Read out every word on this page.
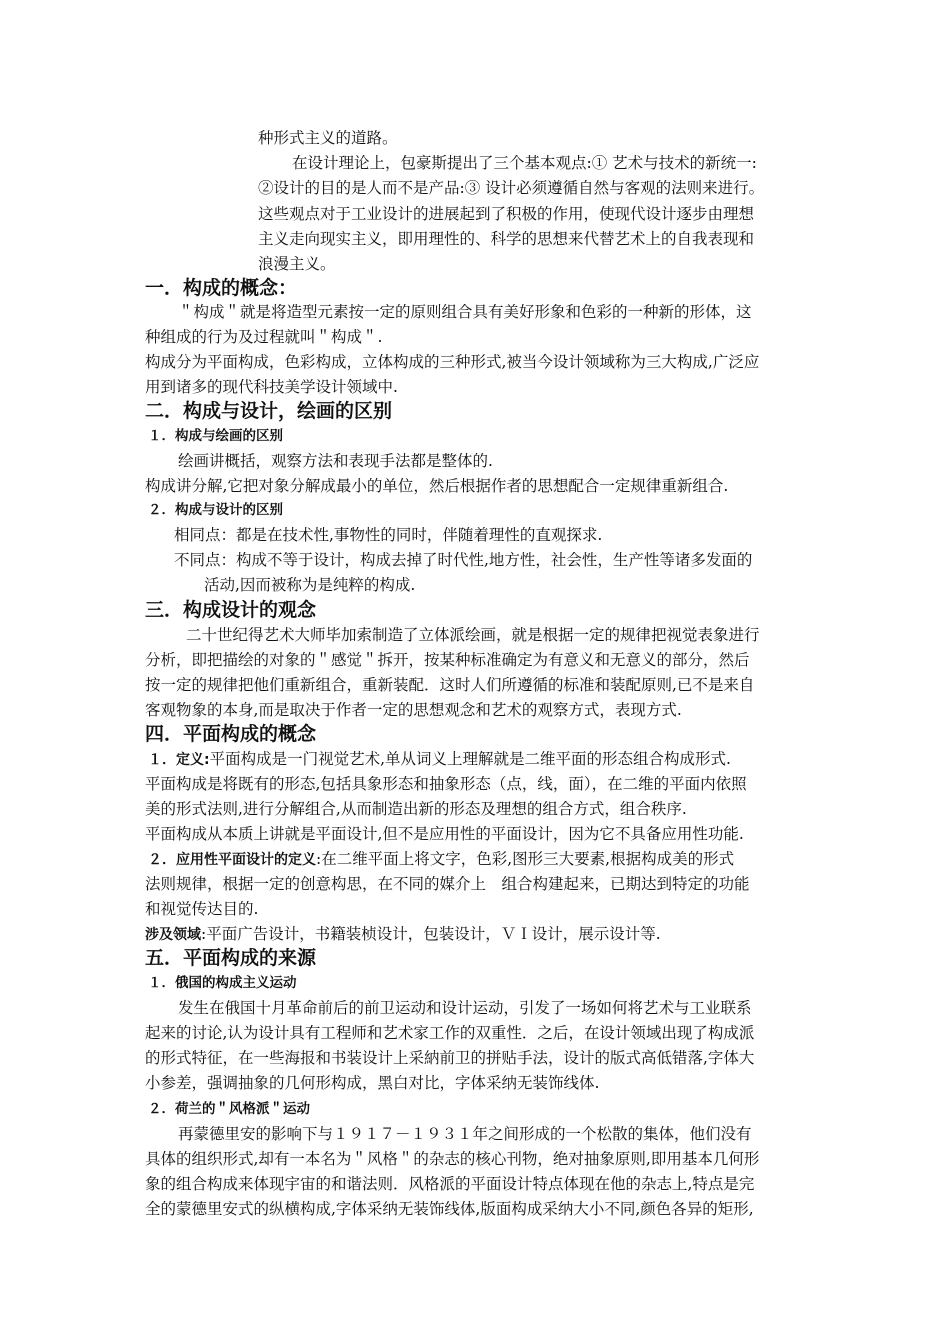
种形式主义的道路。
在设计理论上，包豪斯提出了三个基本观点:① 艺术与技术的新统一:
②设计的目的是人而不是产品:③ 设计必须遵循自然与客观的法则来进行。
这些观点对于工业设计的进展起到了积极的作用，使现代设计逐步由理想
主义走向现实主义，即用理性的、科学的思想来代替艺术上的自我表现和
浪漫主义。
一．构成的概念：
＂构成＂就是将造型元素按一定的原则组合具有美好形象和色彩的一种新的形体，这
种组成的行为及过程就叫＂构成＂.
构成分为平面构成，色彩构成，立体构成的三种形式,被当今设计领域称为三大构成,广泛应
用到诸多的现代科技美学设计领域中.
二．构成与设计，绘画的区别
１．构成与绘画的区别
绘画讲概括，观察方法和表现手法都是整体的.
构成讲分解,它把对象分解成最小的单位，然后根据作者的思想配合一定规律重新组合.
２．构成与设计的区别
相同点：都是在技术性,事物性的同时，伴随着理性的直观探求.
不同点：构成不等于设计，构成去掉了时代性,地方性，社会性，生产性等诸多发面的
活动,因而被称为是纯粹的构成.
三．构成设计的观念
二十世纪得艺术大师毕加索制造了立体派绘画，就是根据一定的规律把视觉表象进行
分析，即把描绘的对象的＂感觉＂拆开，按某种标准确定为有意义和无意义的部分，然后
按一定的规律把他们重新组合，重新装配．这时人们所遵循的标准和装配原则,已不是来自
客观物象的本身,而是取决于作者一定的思想观念和艺术的观察方式，表现方式.
四．平面构成的概念
１．定义:平面构成是一门视觉艺术,单从词义上理解就是二维平面的形态组合构成形式.
平面构成是将既有的形态,包括具象形态和抽象形态（点，线，面），在二维的平面内依照
美的形式法则,进行分解组合,从而制造出新的形态及理想的组合方式，组合秩序.
平面构成从本质上讲就是平面设计,但不是应用性的平面设计，因为它不具备应用性功能.
２．应用性平面设计的定义:在二维平面上将文字，色彩,图形三大要素,根据构成美的形式
法则规律，根据一定的创意构思，在不同的媒介上　组合构建起来，已期达到特定的功能
和视觉传达目的.
涉及领域:平面广告设计，书籍装桢设计，包装设计，ＶＩ设计，展示设计等.
五．平面构成的来源
１．俄国的构成主义运动
发生在俄国十月革命前后的前卫运动和设计运动，引发了一场如何将艺术与工业联系
起来的讨论,认为设计具有工程师和艺术家工作的双重性．之后，在设计领域出现了构成派
的形式特征，在一些海报和书装设计上采納前卫的拼贴手法，设计的版式高低错落,字体大
小参差，强调抽象的几何形构成，黑白对比，字体采纳无装饰线体.
２．荷兰的＂风格派＂运动
再蒙德里安的影响下与１９１７－１９３１年之间形成的一个松散的集体，他们没有
具体的组织形式,却有一本名为＂风格＂的杂志的核心刊物，绝对抽象原则,即用基本几何形
象的组合构成来体现宇宙的和谐法则．风格派的平面设计特点体现在他的杂志上,特点是完
全的蒙德里安式的纵横构成,字体采纳无装饰线体,版面构成采纳大小不同,颜色各异的矩形,
